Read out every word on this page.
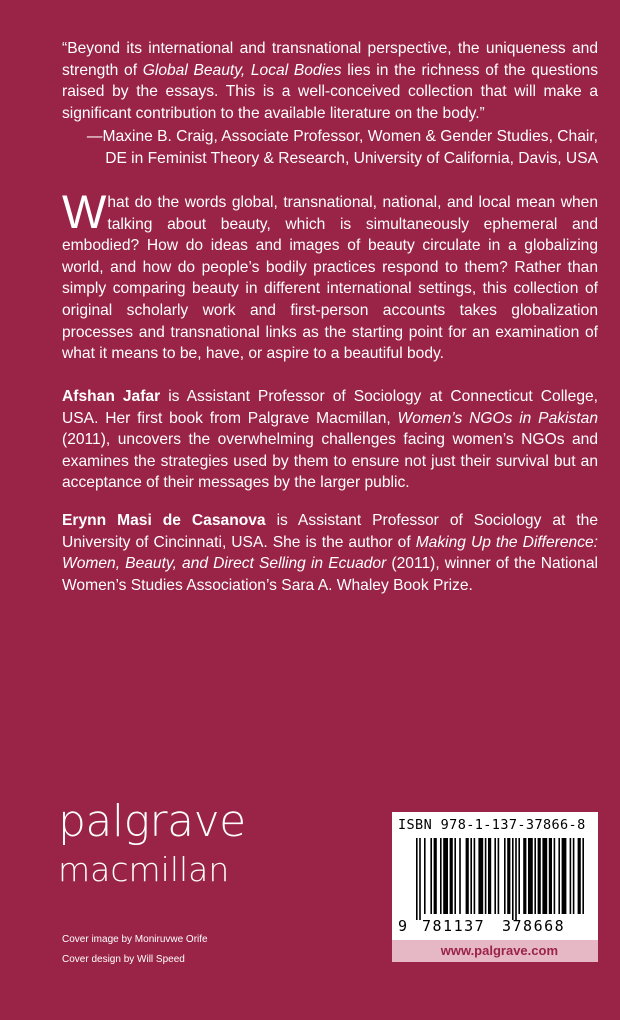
“Beyond its international and transnational perspective, the uniqueness and strength of Global Beauty, Local Bodies lies in the richness of the questions raised by the essays. This is a well-conceived collection that will make a significant contribution to the available literature on the body.”

—Maxine B. Craig, Associate Professor, Women & Gender Studies, Chair,
DE in Feminist Theory & Research, University of California, Davis, USA
What do the words global, transnational, national, and local mean when talking about beauty, which is simultaneously ephemeral and embodied? How do ideas and images of beauty circulate in a globalizing world, and how do people’s bodily practices respond to them? Rather than simply comparing beauty in different international settings, this collection of original scholarly work and first-person accounts takes globalization processes and transnational links as the starting point for an examination of what it means to be, have, or aspire to a beautiful body.
Afshan Jafar is Assistant Professor of Sociology at Connecticut College, USA. Her first book from Palgrave Macmillan, Women’s NGOs in Pakistan (2011), uncovers the overwhelming challenges facing women’s NGOs and examines the strategies used by them to ensure not just their survival but an acceptance of their messages by the larger public.
Erynn Masi de Casanova is Assistant Professor of Sociology at the University of Cincinnati, USA. She is the author of Making Up the Difference: Women, Beauty, and Direct Selling in Ecuador (2011), winner of the National Women’s Studies Association’s Sara A. Whaley Book Prize.
palgrave
macmillan
Cover image by Moniruvwe Orife
Cover design by Will Speed
ISBN 978-1-137-37866-8
9 781137 378668
www.palgrave.com
